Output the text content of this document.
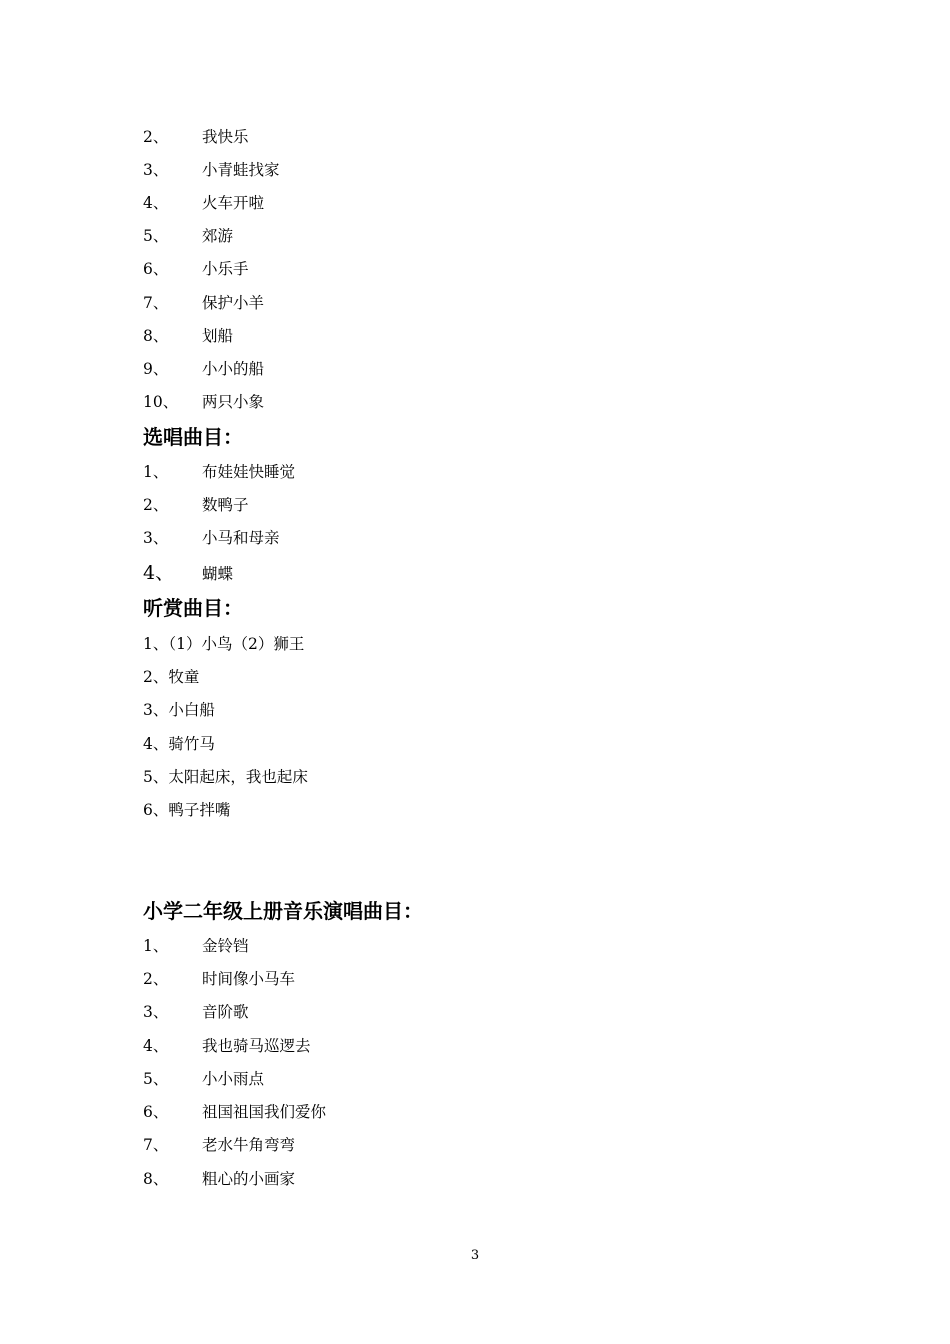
2、 我快乐
3、 小青蛙找家
4、 火车开啦
5、 郊游
6、 小乐手
7、 保护小羊
8、 划船
9、 小小的船
10、 两只小象
选唱曲目：
1、 布娃娃快睡觉
2、 数鸭子
3、 小马和母亲
4、 蝴蝶
听赏曲目：
1、（1）小鸟（2）狮王
2、牧童
3、小白船
4、骑竹马
5、太阳起床，我也起床
6、鸭子拌嘴
小学二年级上册音乐演唱曲目：
1、 金铃铛
2、 时间像小马车
3、 音阶歌
4、 我也骑马巡逻去
5、 小小雨点
6、 祖国祖国我们爱你
7、 老水牛角弯弯
8、 粗心的小画家
3
